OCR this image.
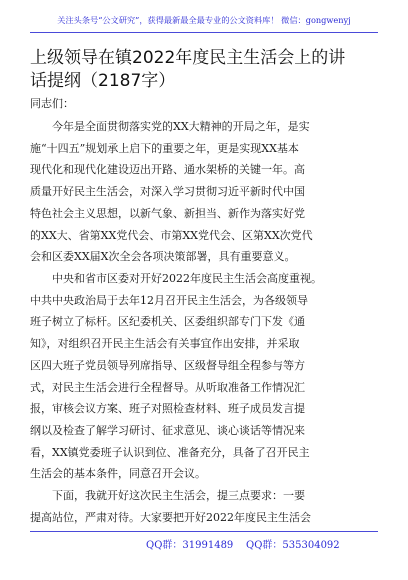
关注头条号“公文研究”，获得最新最全最专业的公文资料库！ 微信：gongwenyj
上级领导在镇2022年度民主生活会上的讲
话提纲（2187字）
同志们：
今年是全面贯彻落实党的XX大精神的开局之年，是实
施“十四五”规划承上启下的重要之年，更是实现XX基本
现代化和现代化建设迈出开路、通水架桥的关键一年。高
质量开好民主生活会，对深入学习贯彻习近平新时代中国
特色社会主义思想，以新气象、新担当、新作为落实好党
的XX大、省第XX党代会、市第XX党代会、区第XX次党代
会和区委XX届X次全会各项决策部署，具有重要意义。
中央和省市区委对开好2022年度民主生活会高度重视。
中共中央政治局于去年12月召开民主生活会，为各级领导
班子树立了标杆。区纪委机关、区委组织部专门下发《通
知》，对组织召开民主生活会有关事宜作出安排，并采取
区四大班子党员领导列席指导、区级督导组全程参与等方
式，对民主生活会进行全程督导。从听取准备工作情况汇
报，审核会议方案、班子对照检查材料、班子成员发言提
纲以及检查了解学习研讨、征求意见、谈心谈话等情况来
看，XX镇党委班子认识到位、准备充分，具备了召开民主
生活会的基本条件，同意召开会议。
下面，我就开好这次民主生活会，提三点要求：一要
提高站位，严肃对待。大家要把开好2022年度民主生活会
QQ群：31991489 QQ群：535304092
